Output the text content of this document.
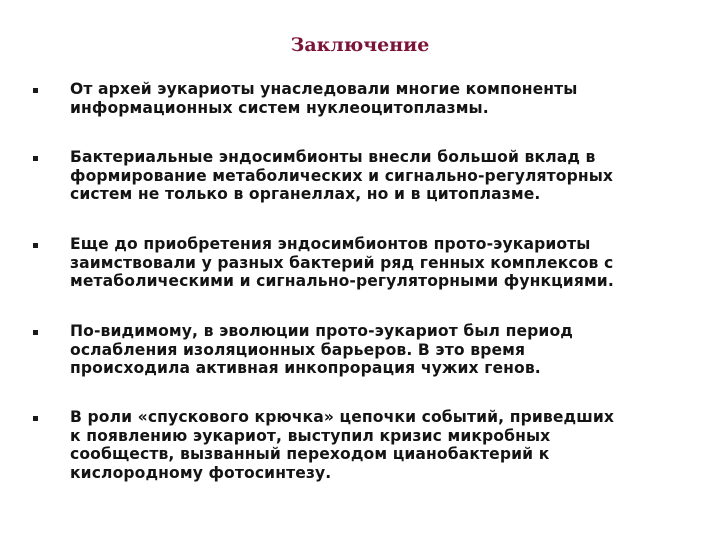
Заключение

От архей эукариоты унаследовали многие компоненты
информационных систем нуклеоцитоплазмы.

Бактериальные эндосимбионты внесли большой вклад в
формирование метаболических и сигнально-регуляторных
систем не только в органеллах, но и в цитоплазме.

Еще до приобретения эндосимбионтов прото-эукариоты
заимствовали у разных бактерий ряд генных комплексов с
метаболическими и сигнально-регуляторными функциями.

По-видимому, в эволюции прото-эукариот был период
ослабления изоляционных барьеров. В это время
происходила активная инкопрорация чужих генов.

В роли «спускового крючка» цепочки событий, приведших
к появлению эукариот, выступил кризис микробных
сообществ, вызванный переходом цианобактерий к
кислородному фотосинтезу.
